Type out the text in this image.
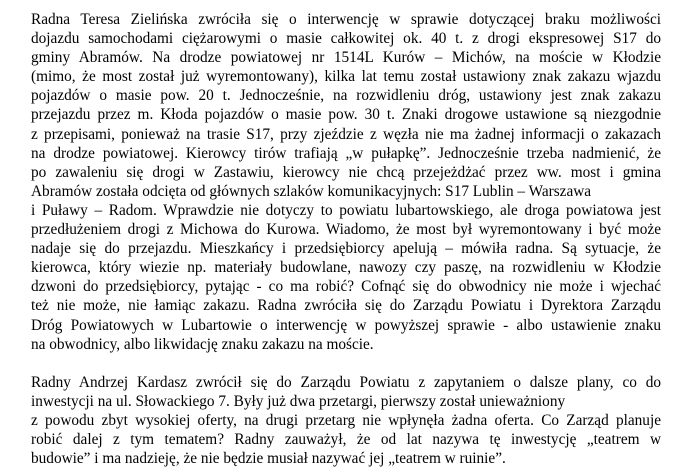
Radna Teresa Zielińska zwróciła się o interwencję w sprawie dotyczącej braku możliwości
dojazdu samochodami ciężarowymi o masie całkowitej ok. 40 t. z drogi ekspresowej S17 do
gminy Abramów. Na drodze powiatowej nr 1514L Kurów – Michów, na moście w Kłodzie
(mimo, że most został już wyremontowany), kilka lat temu został ustawiony znak zakazu wjazdu
pojazdów o masie pow. 20 t. Jednocześnie, na rozwidleniu dróg, ustawiony jest znak zakazu
przejazdu przez m. Kłoda pojazdów o masie pow. 30 t. Znaki drogowe ustawione są niezgodnie
z przepisami, ponieważ na trasie S17, przy zjeździe z węzła nie ma żadnej informacji o zakazach
na drodze powiatowej. Kierowcy tirów trafiają „w pułapkę”. Jednocześnie trzeba nadmienić, że
po zawaleniu się drogi w Zastawiu, kierowcy nie chcą przejeżdżać przez ww. most i gmina
Abramów została odcięta od głównych szlaków komunikacyjnych: S17 Lublin – Warszawa
i Puławy – Radom. Wprawdzie nie dotyczy to powiatu lubartowskiego, ale droga powiatowa jest
przedłużeniem drogi z Michowa do Kurowa. Wiadomo, że most był wyremontowany i być może
nadaje się do przejazdu. Mieszkańcy i przedsiębiorcy apelują – mówiła radna. Są sytuacje, że
kierowca, który wiezie np. materiały budowlane, nawozy czy paszę, na rozwidleniu w Kłodzie
dzwoni do przedsiębiorcy, pytając - co ma robić? Cofnąć się do obwodnicy nie może i wjechać
też nie może, nie łamiąc zakazu. Radna zwróciła się do Zarządu Powiatu i Dyrektora Zarządu
Dróg Powiatowych w Lubartowie o interwencję w powyższej sprawie - albo ustawienie znaku
na obwodnicy, albo likwidację znaku zakazu na moście.
Radny Andrzej Kardasz zwrócił się do Zarządu Powiatu z zapytaniem o dalsze plany, co do
inwestycji na ul. Słowackiego 7. Były już dwa przetargi, pierwszy został unieważniony
z powodu zbyt wysokiej oferty, na drugi przetarg nie wpłynęła żadna oferta. Co Zarząd planuje
robić dalej z tym tematem? Radny zauważył, że od lat nazywa tę inwestycję „teatrem w
budowie” i ma nadzieję, że nie będzie musiał nazywać jej „teatrem w ruinie”.
